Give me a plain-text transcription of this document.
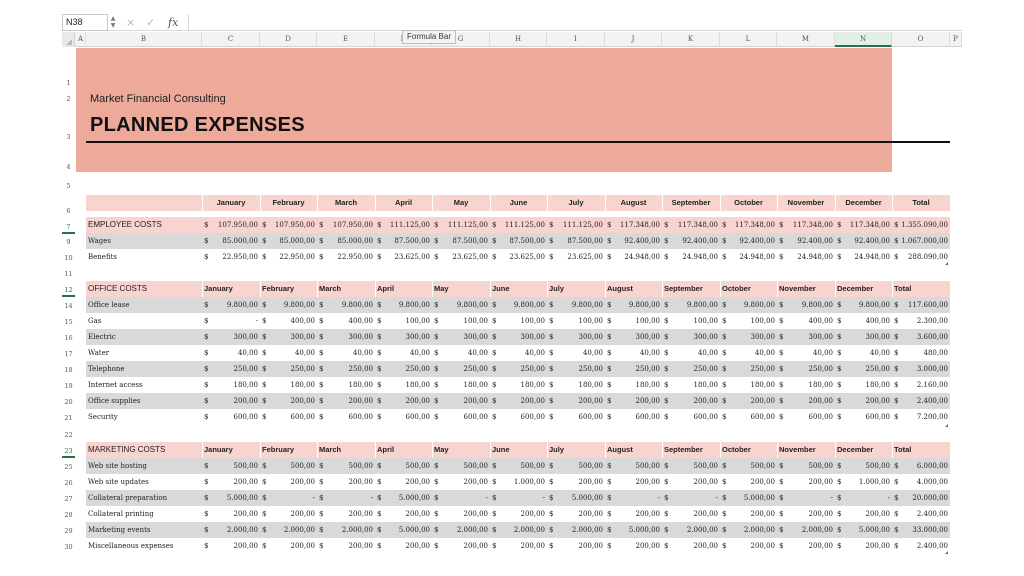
N38	▲
▼ × ✓ fx
Formula Bar
A	B	C	D	E	G	H	I	J	K	L	M	N	O	P
1
2
3
4
5
6
7
9
10
11
12
14
15
16
17
18
19
20
21
22
23
25
26
27
28
29
30
Market Financial Consulting
PLANNED EXPENSES
January	February	March	April	May	June	July	August	September	October	November	December	Total
EMPLOYEE COSTS	$	107.950,00 $	107.950,00 $	107.950,00 $	111.125,00 $	111.125,00 $	111.125,00 $	111.125,00 $	117.348,00 $	117.348,00 $	117.348,00 $	117.348,00 $	117.348,00 $ 1.355.090,00
Wages	$	85.000,00 $	85.000,00 $	85.000,00 $	87.500,00 $	87.500,00 $	87.500,00 $	87.500,00 $	92.400,00 $	92.400,00 $	92.400,00 $	92.400,00 $	92.400,00 $ 1.067.000,00
Benefits	$	22.950,00 $	22.950,00 $	22.950,00 $	23.625,00 $	23.625,00 $	23.625,00 $	23.625,00 $	24.948,00 $	24.948,00 $	24.948,00 $	24.948,00 $	24.948,00 $	288.090,00
OFFICE COSTS	January	February	March	April	May	June	July	August	September	October	November	December	Total
Office lease	$	9.800,00 $	9.800,00 $	9.800,00 $	9.800,00 $	9.800,00 $	9.800,00 $	9.800,00 $	9.800,00 $	9.800,00 $	9.800,00 $	9.800,00 $	9.800,00 $	117.600,00
Gas	$	- $	400,00 $	400,00 $	100,00 $	100,00 $	100,00 $	100,00 $	100,00 $	100,00 $	100,00 $	400,00 $	400,00 $	2.300,00
Electric	$	300,00 $	300,00 $	300,00 $	300,00 $	300,00 $	300,00 $	300,00 $	300,00 $	300,00 $	300,00 $	300,00 $	300,00 $	3.600,00
Water	$	40,00 $	40,00 $	40,00 $	40,00 $	40,00 $	40,00 $	40,00 $	40,00 $	40,00 $	40,00 $	40,00 $	40,00 $	480,00
Telephone	$	250,00 $	250,00 $	250,00 $	250,00 $	250,00 $	250,00 $	250,00 $	250,00 $	250,00 $	250,00 $	250,00 $	250,00 $	3.000,00
Internet access	$	180,00 $	180,00 $	180,00 $	180,00 $	180,00 $	180,00 $	180,00 $	180,00 $	180,00 $	180,00 $	180,00 $	180,00 $	2.160,00
Office supplies	$	200,00 $	200,00 $	200,00 $	200,00 $	200,00 $	200,00 $	200,00 $	200,00 $	200,00 $	200,00 $	200,00 $	200,00 $	2.400,00
Security	$	600,00 $	600,00 $	600,00 $	600,00 $	600,00 $	600,00 $	600,00 $	600,00 $	600,00 $	600,00 $	600,00 $	600,00 $	7.200,00
MARKETING COSTS	January	February	March	April	May	June	July	August	September	October	November	December	Total
Web site hosting	$	500,00 $	500,00 $	500,00 $	500,00 $	500,00 $	500,00 $	500,00 $	500,00 $	500,00 $	500,00 $	500,00 $	500,00 $	6.000,00
Web site updates	$	200,00 $	200,00 $	200,00 $	200,00 $	200,00 $	1.000,00 $	200,00 $	200,00 $	200,00 $	200,00 $	200,00 $	1.000,00 $	4.000,00
Collateral preparation	$	5.000,00 $	- $	- $	5.000,00 $	- $	- $	5.000,00 $	- $	- $	5.000,00 $	- $	- $	20.000,00
Collateral printing	$	200,00 $	200,00 $	200,00 $	200,00 $	200,00 $	200,00 $	200,00 $	200,00 $	200,00 $	200,00 $	200,00 $	200,00 $	2.400,00
Marketing events	$	2.000,00 $	2.000,00 $	2.000,00 $	5.000,00 $	2.000,00 $	2.000,00 $	2.000,00 $	5.000,00 $	2.000,00 $	2.000,00 $	2.000,00 $	5.000,00 $	33.000,00
Miscellaneous expenses	$	200,00 $	200,00 $	200,00 $	200,00 $	200,00 $	200,00 $	200,00 $	200,00 $	200,00 $	200,00 $	200,00 $	200,00 $	2.400,00
